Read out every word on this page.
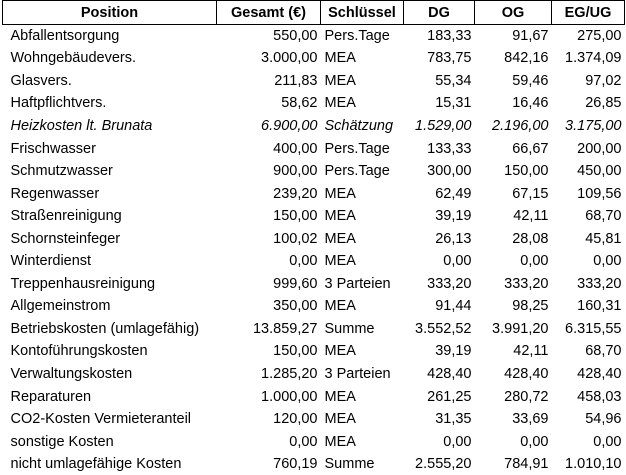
Position	Gesamt (€)	Schlüssel	DG	OG	EG/UG
Abfallentsorgung	550,00	Pers.Tage	183,33	91,67	275,00
Wohngebäudevers.	3.000,00	MEA	783,75	842,16	1.374,09
Glasvers.	211,83	MEA	55,34	59,46	97,02
Haftpflichtvers.	58,62	MEA	15,31	16,46	26,85
Heizkosten lt. Brunata	6.900,00	Schätzung	1.529,00	2.196,00	3.175,00
Frischwasser	400,00	Pers.Tage	133,33	66,67	200,00
Schmutzwasser	900,00	Pers.Tage	300,00	150,00	450,00
Regenwasser	239,20	MEA	62,49	67,15	109,56
Straßenreinigung	150,00	MEA	39,19	42,11	68,70
Schornsteinfeger	100,02	MEA	26,13	28,08	45,81
Winterdienst	0,00	MEA	0,00	0,00	0,00
Treppenhausreinigung	999,60	3 Parteien	333,20	333,20	333,20
Allgemeinstrom	350,00	MEA	91,44	98,25	160,31
Betriebskosten (umlagefähig)	13.859,27	Summe	3.552,52	3.991,20	6.315,55
Kontoführungskosten	150,00	MEA	39,19	42,11	68,70
Verwaltungskosten	1.285,20	3 Parteien	428,40	428,40	428,40
Reparaturen	1.000,00	MEA	261,25	280,72	458,03
CO2-Kosten Vermieteranteil	120,00	MEA	31,35	33,69	54,96
sonstige Kosten	0,00	MEA	0,00	0,00	0,00
nicht umlagefähige Kosten	760,19	Summe	2.555,20	784,91	1.010,10
